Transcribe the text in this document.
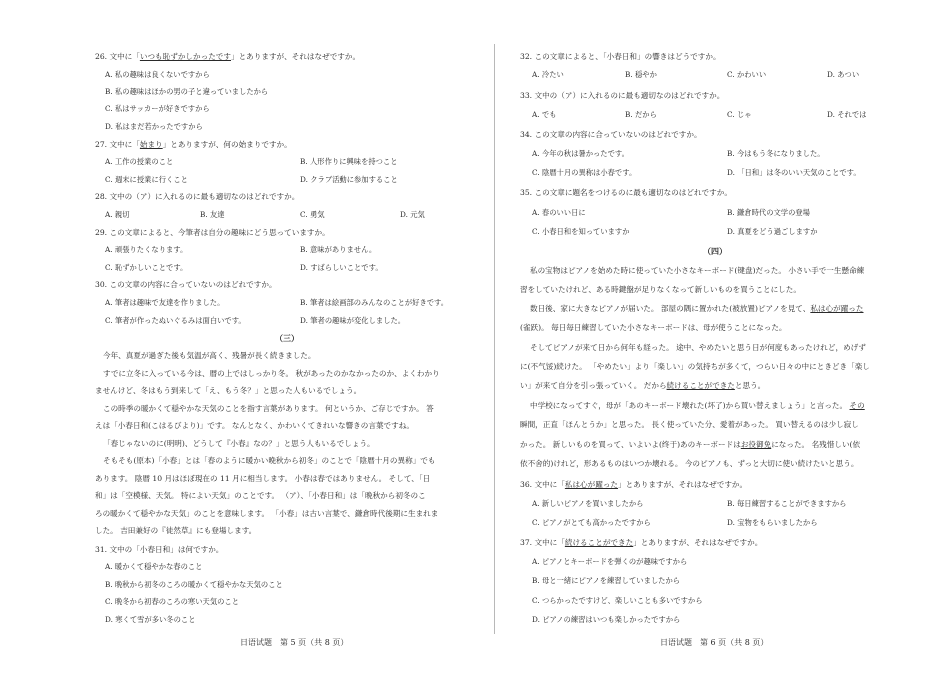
26. 文中に「いつも恥ずかしかったです」とありますが、それはなぜですか。
A. 私の趣味は良くないですから
B. 私の趣味はほかの男の子と違っていましたから
C. 私はサッカーが好きですから
D. 私はまだ若かったですから
27. 文中に「始まり」とありますが、何の始まりですか。
A. 工作の授業のこと	B. 人形作りに興味を持つこと
C. 週末に授業に行くこと	D. クラブ活動に参加すること
28. 文中の（ア）に入れるのに最も適切なのはどれですか。
A. 親切	B. 友達	C. 勇気	D. 元気
29. この文章によると、今筆者は自分の趣味にどう思っていますか。
A. 頑張りたくなります。	B. 意味がありません。
C. 恥ずかしいことです。	D. すばらしいことです。
30. この文章の内容に合っていないのはどれですか。
A. 筆者は趣味で友達を作りました。	B. 筆者は絵画部のみんなのことが好きです。
C. 筆者が作ったぬいぐるみは面白いです。	D. 筆者の趣味が変化しました。
（三）
今年、真夏が過ぎた後も気温が高く、残暑が長く続きました。
すでに立冬に入っている今は、暦の上ではしっかり冬。 秋があったのかなかったのか、よくわかり
ませんけど、冬はもう到来して「え、もう冬？」と思った人もいるでしょう。
この時季の暖かくて穏やかな天気のことを指す言葉があります。 何というか、ご存じですか。 答
えは「小春日和(こはるびより)」です。 なんとなく、かわいくてきれいな響きの言葉ですね。
「春じゃないのに(明明)、どうして『小春』なの？」と思う人もいるでしょう。
そもそも(原本)「小春」とは「春のように暖かい晩秋から初冬」のことで「陰暦十月の異称」でも
あります。 陰暦 10 月はほぼ現在の 11 月に相当します。 小春は春ではありません。 そして、「日
和」は「空模様、天気。 特によい天気」のことです。 （ア）、「小春日和」は「晩秋から初冬のこ
ろの暖かくて穏やかな天気」のことを意味します。 「小春」は古い言葉で、鎌倉時代後期に生まれま
した。 吉田兼好の『徒然草』にも登場します。
31. 文中の「小春日和」は何ですか。
A. 暖かくて穏やかな春のこと
B. 晩秋から初冬のころの暖かくて穏やかな天気のこと
C. 晩冬から初春のころの寒い天気のこと
D. 寒くて雪が多い冬のこと
日语试题　第 5 页（共 8 页）
32. この文章によると、「小春日和」の響きはどうですか。
A. 冷たい	B. 穏やか	C. かわいい	D. あつい
33. 文中の（ア）に入れるのに最も適切なのはどれですか。
A. でも	B. だから	C. じゃ	D. それでは
34. この文章の内容に合っていないのはどれですか。
A. 今年の秋は暑かったです。	B. 今はもう冬になりました。
C. 陰暦十月の異称は小春です。	D. 「日和」は冬のいい天気のことです。
35. この文章に題名をつけるのに最も適切なのはどれですか。
A. 春のいい日に	B. 鎌倉時代の文学の登場
C. 小春日和を知っていますか	D. 真夏をどう過ごしますか
（四）
私の宝物はピアノを始めた時に使っていた小さなキーボード(键盘)だった。 小さい手で一生懸命練
習をしていたけれど、ある時鍵盤が足りなくなって新しいものを買うことにした。
数日後、家に大きなピアノが届いた。 部屋の隅に置かれた(被放置)ピアノを見て、私は心が躍った
(雀跃)。 毎日毎日練習していた小さなキーボードは、母が使うことになった。
そしてピアノが来て日から何年も経った。 途中、やめたいと思う日が何度もあったけれど，めげず
に(不气馁)続けた。 「やめたい」より「楽しい」の気持ちが多くて，つらい日々の中にときどき「楽し
い」が来て自分を引っ張っていく。 だから続けることができたと思う。
中学校になってすぐ，母が「あのキーボード壊れた(坏了)から買い替えましょう」と言った。 その
瞬間，正直「ほんとうか」と思った。 長く使っていた分、愛着があった。 買い替えるのは少し寂し
かった。 新しいものを買って、いよいよ(终于)あのキーボードはお役御免になった。 名残惜しい(依
依不舍的)けれど，形あるものはいつか壊れる。 今のピアノも、ずっと大切に使い続けたいと思う。
36. 文中に「私は心が躍った」とありますが、それはなぜですか。
A. 新しいピアノを買いましたから	B. 毎日練習することができますから
C. ピアノがとても高かったですから	D. 宝物をもらいましたから
37. 文中に「続けることができた」とありますが、それはなぜですか。
A. ピアノとキーボードを弾くのが趣味ですから
B. 母と一緒にピアノを練習していましたから
C. つらかったですけど、楽しいことも多いですから
D. ピアノの練習はいつも楽しかったですから
日语试题　第 6 页（共 8 页）
